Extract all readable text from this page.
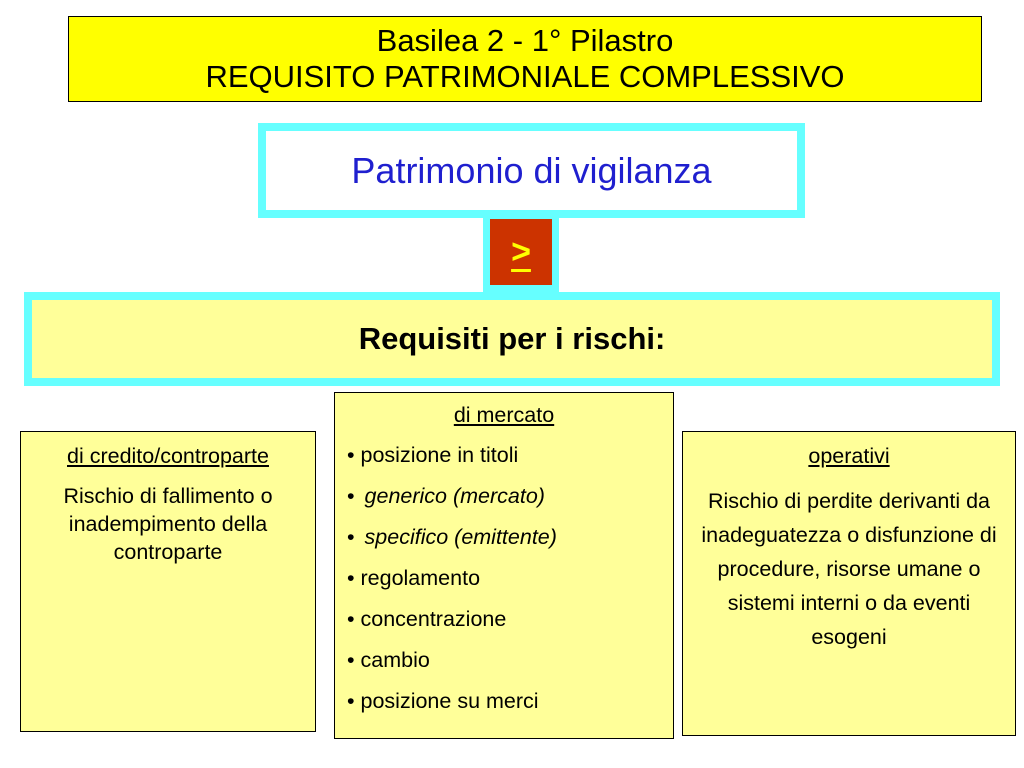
Basilea 2 - 1° Pilastro
REQUISITO PATRIMONIALE COMPLESSIVO
Patrimonio di vigilanza
>
Requisiti per i rischi:
di credito/controparte
Rischio di fallimento o inadempimento della controparte
di mercato
• posizione in titoli
• generico (mercato)
• specifico (emittente)
• regolamento
• concentrazione
• cambio
• posizione su merci
operativi
Rischio di perdite derivanti da inadeguatezza o disfunzione di procedure, risorse umane o sistemi interni o da eventi esogeni
